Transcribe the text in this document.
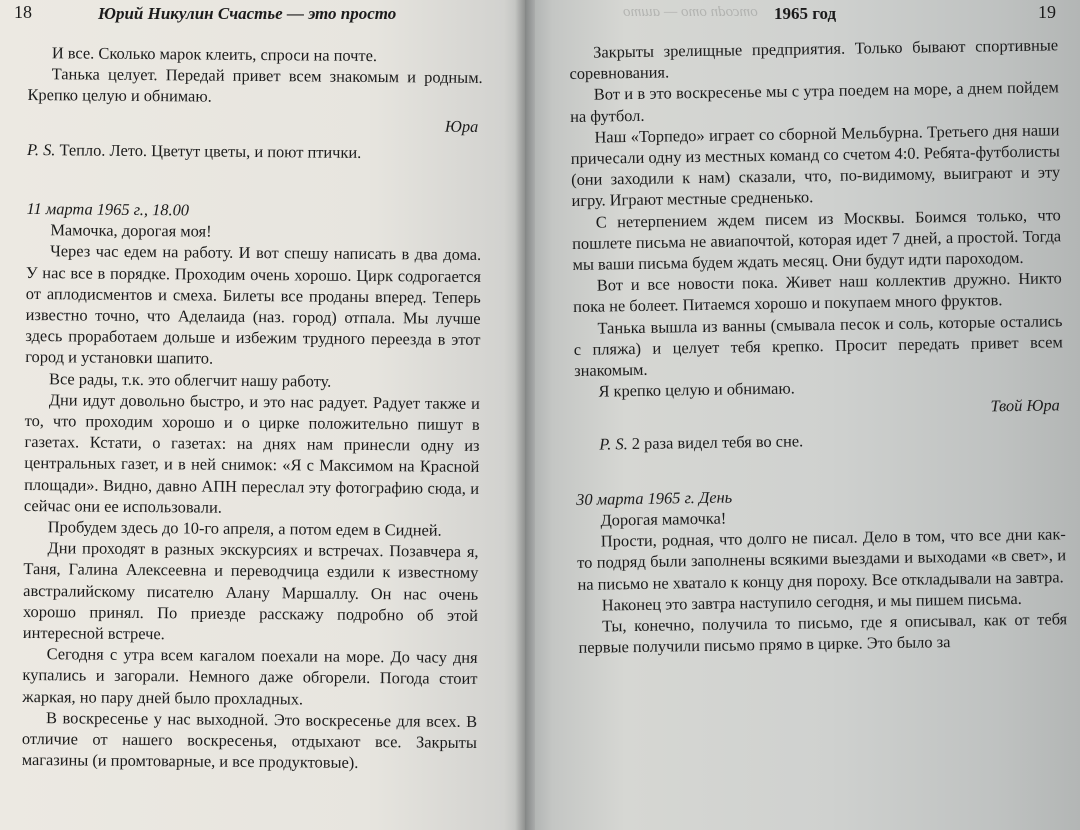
18	Юрий Никулин Счастье — это просто

И все. Сколько марок клеить, спроси на почте.

Танька целует. Передай привет всем знакомым и родным. Крепко целую и обнимаю.

Юра

P. S. Тепло. Лето. Цветут цветы, и поют птички.

11 марта 1965 г., 18.00

Мамочка, дорогая моя!

Через час едем на работу. И вот спешу написать в два дома. У нас все в порядке. Проходим очень хорошо. Цирк содрогается от аплодисментов и смеха. Билеты все проданы вперед. Теперь известно точно, что Аделаида (наз. город) отпала. Мы лучше здесь проработаем дольше и избежим трудного переезда в этот город и установки шапито.

Все рады, т.к. это облегчит нашу работу.

Дни идут довольно быстро, и это нас радует. Радует также и то, что проходим хорошо и о цирке положительно пишут в газетах. Кстати, о газетах: на днях нам принесли одну из центральных газет, и в ней снимок: «Я с Максимом на Красной площади». Видно, давно АПН переслал эту фотографию сюда, и сейчас они ее использовали.

Пробудем здесь до 10-го апреля, а потом едем в Сидней.

Дни проходят в разных экскурсиях и встречах. Позавчера я, Таня, Галина Алексеевна и переводчица ездили к известному австралийскому писателю Алану Маршаллу. Он нас очень хорошо принял. По приезде расскажу подробно об этой интересной встрече.

Сегодня с утра всем кагалом поехали на море. До часу дня купались и загорали. Немного даже обгорели. Погода стоит жаркая, но пару дней было прохладных.

В воскресенье у нас выходной. Это воскресенье для всех. В отличие от нашего воскресенья, отдыхают все. Закрыты магазины (и промтоварные, и все продуктовые).

отсоdп ото — ашто 1965 год	19

Закрыты зрелищные предприятия. Только бывают спортивные соревнования.

Вот и в это воскресенье мы с утра поедем на море, а днем пойдем на футбол.

Наш «Торпедо» играет со сборной Мельбурна. Третьего дня наши причесали одну из местных команд со счетом 4:0. Ребята-футболисты (они заходили к нам) сказали, что, по-видимому, выиграют и эту игру. Играют местные средненько.

С нетерпением ждем писем из Москвы. Боимся только, что пошлете письма не авиапочтой, которая идет 7 дней, а простой. Тогда мы ваши письма будем ждать месяц. Они будут идти пароходом.

Вот и все новости пока. Живет наш коллектив дружно. Никто пока не болеет. Питаемся хорошо и покупаем много фруктов.

Танька вышла из ванны (смывала песок и соль, которые остались с пляжа) и целует тебя крепко. Просит передать привет всем знакомым.

Я крепко целую и обнимаю.

Твой Юра

P. S. 2 раза видел тебя во сне.

30 марта 1965 г. День

Дорогая мамочка!

Прости, родная, что долго не писал. Дело в том, что все дни как-то подряд были заполнены всякими выездами и выходами «в свет», и на письмо не хватало к концу дня пороху. Все откладывали на завтра.

Наконец это завтра наступило сегодня, и мы пишем письма.

Ты, конечно, получила то письмо, где я описывал, как от тебя первые получили письмо прямо в цирке. Это было за
